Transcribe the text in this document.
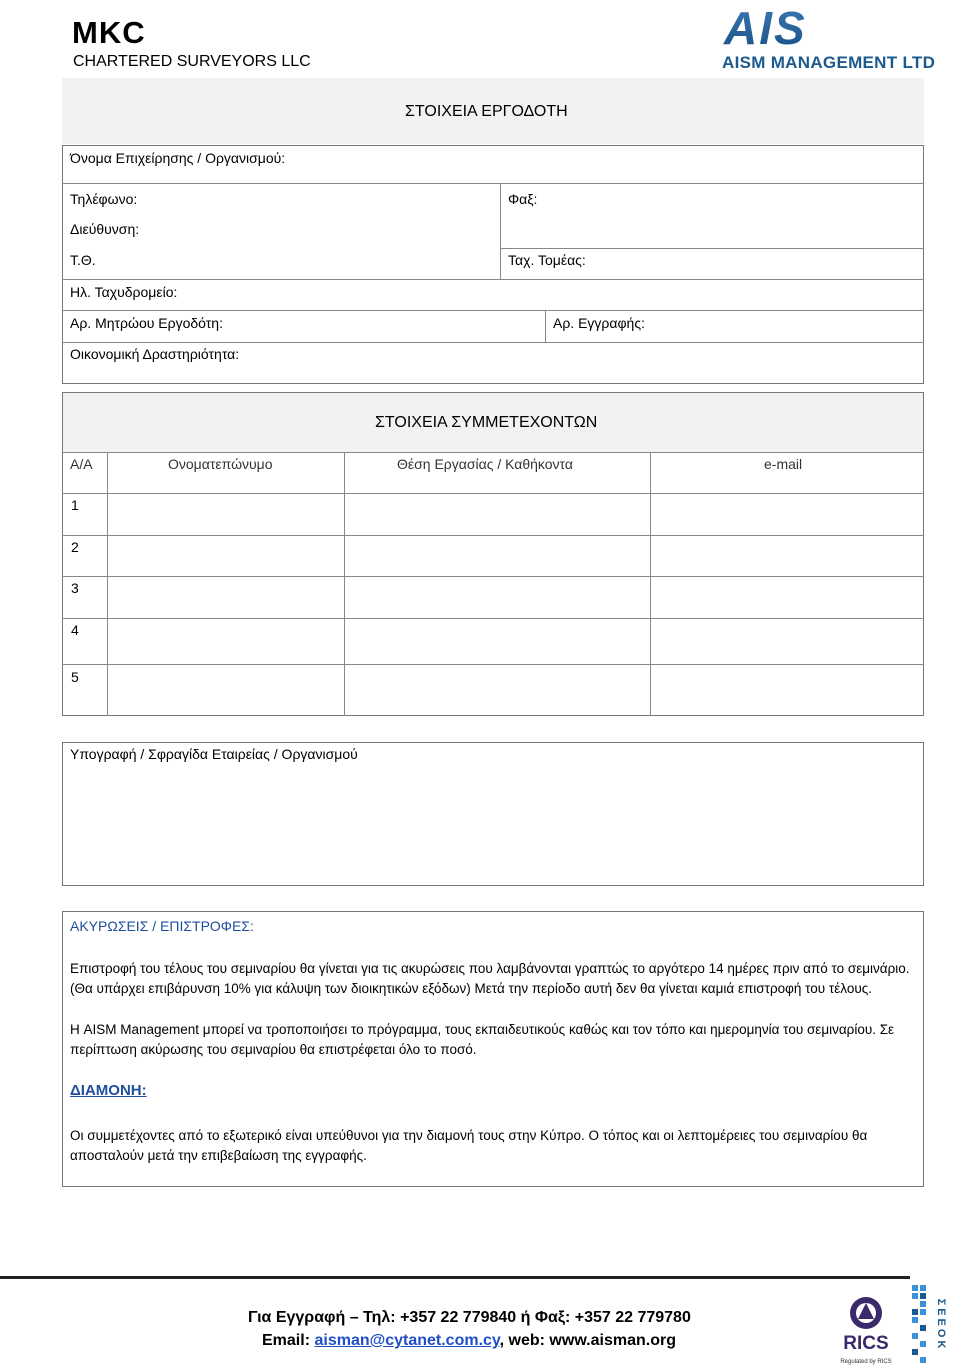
MKC
CHARTERED SURVEYORS LLC
AIS
AISM MANAGEMENT LTD
ΣΤΟΙΧΕΙΑ ΕΡΓΟΔΟΤΗ
Όνομα Επιχείρησης / Οργανισμού:
Τηλέφωνο:	Φαξ:
Διεύθυνση:
Τ.Θ.	Ταχ. Τομέας:
Ηλ. Ταχυδρομείο:
Αρ. Μητρώου Εργοδότη:	Αρ. Εγγραφής:
Οικονομική Δραστηριότητα:
ΣΤΟΙΧΕΙΑ ΣΥΜΜΕΤΕΧΟΝΤΩΝ
Α/Α	Ονοματεπώνυμο	Θέση Εργασίας / Καθήκοντα	e-mail
1
2
3
4
5
Υπογραφή / Σφραγίδα Εταιρείας / Οργανισμού
ΑΚΥΡΩΣΕΙΣ / ΕΠΙΣΤΡΟΦΕΣ:
Επιστροφή του τέλους του σεμιναρίου θα γίνεται για τις ακυρώσεις που λαμβάνονται γραπτώς το αργότερο 14 ημέρες πριν από το σεμινάριο. (Θα υπάρχει επιβάρυνση 10% για κάλυψη των διοικητικών εξόδων) Μετά την περίοδο αυτή δεν θα γίνεται καμιά επιστροφή του τέλους.
Η AISM Management μπορεί να τροποποιήσει το πρόγραμμα, τους εκπαιδευτικούς καθώς και τον τόπο και ημερομηνία του σεμιναρίου. Σε περίπτωση ακύρωσης του σεμιναρίου θα επιστρέφεται όλο το ποσό.
ΔΙΑΜΟΝΗ:
Οι συμμετέχοντες από το εξωτερικό είναι υπεύθυνοι για την διαμονή τους στην Κύπρο. Ο τόπος και οι λεπτομέρειες του σεμιναρίου θα αποσταλούν μετά την επιβεβαίωση της εγγραφής.
Για Εγγραφή – Τηλ: +357 22 779840 ή Φαξ: +357 22 779780
Email: aisman@cytanet.com.cy, web: www.aisman.org	RICS
Regulated by RICS
ΣΕΕΟΚ
